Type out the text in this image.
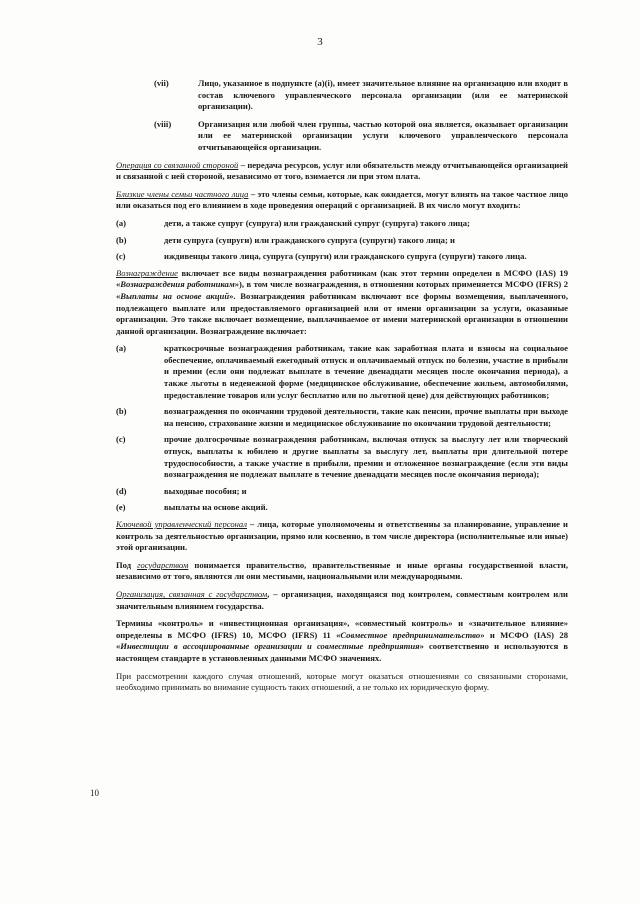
3
(vii)	Лицо, указанное в подпункте (а)(i), имеет значительное влияние на организацию или входит в состав ключевого управленческого персонала организации (или ее материнской организации).
(viii)	Организация или любой член группы, частью которой она является, оказывает организации или ее материнской организации услуги ключевого управленческого персонала отчитывающейся организации.

Операция со связанной стороной – передача ресурсов, услуг или обязательств между отчитывающейся организацией и связанной с ней стороной, независимо от того, взимается ли при этом плата.

Близкие члены семьи частного лица – это члены семьи, которые, как ожидается, могут влиять на такое частное лицо или оказаться под его влиянием в ходе проведения операций с организацией. В их число могут входить:

(a)	дети, а также супруг (супруга) или гражданский супруг (супруга) такого лица;
(b)	дети супруга (супруги) или гражданского супруга (супруги) такого лица; и
(c)	иждивенцы такого лица, супруга (супруги) или гражданского супруга (супруги) такого лица.

Вознаграждение включает все виды вознаграждения работникам (как этот термин определен в МСФО (IAS) 19 «Вознаграждения работникам»), в том числе вознаграждения, в отношении которых применяется МСФО (IFRS) 2 «Выплаты на основе акций». Вознаграждения работникам включают все формы возмещения, выплаченного, подлежащего выплате или предоставляемого организацией или от имени организации за услуги, оказанные организации. Это также включает возмещение, выплачиваемое от имени материнской организации в отношении данной организации. Вознаграждение включает:

(a)	краткосрочные вознаграждения работникам, такие как заработная плата и взносы на социальное обеспечение, оплачиваемый ежегодный отпуск и оплачиваемый отпуск по болезни, участие в прибыли и премии (если они подлежат выплате в течение двенадцати месяцев после окончания периода), а также льготы в неденежной форме (медицинское обслуживание, обеспечение жильем, автомобилями, предоставление товаров или услуг бесплатно или по льготной цене) для действующих работников;
(b)	вознаграждения по окончании трудовой деятельности, такие как пенсии, прочие выплаты при выходе на пенсию, страхование жизни и медицинское обслуживание по окончании трудовой деятельности;
(c)	прочие долгосрочные вознаграждения работникам, включая отпуск за выслугу лет или творческий отпуск, выплаты к юбилею и другие выплаты за выслугу лет, выплаты при длительной потере трудоспособности, а также участие в прибыли, премии и отложенное вознаграждение (если эти виды вознаграждения не подлежат выплате в течение двенадцати месяцев после окончания периода);
(d)	выходные пособия; и
(e)	выплаты на основе акций.

Ключевой управленческий персонал – лица, которые уполномочены и ответственны за планирование, управление и контроль за деятельностью организации, прямо или косвенно, в том числе директора (исполнительные или иные) этой организации.

Под государством понимается правительство, правительственные и иные органы государственной власти, независимо от того, являются ли они местными, национальными или международными.

Организация, связанная с государством, – организация, находящаяся под контролем, совместным контролем или значительным влиянием государства.

Термины «контроль» и «инвестиционная организация», «совместный контроль» и «значительное влияние» определены в МСФО (IFRS) 10, МСФО (IFRS) 11 «Совместное предпринимательство» и МСФО (IAS) 28 «Инвестиции в ассоциированные организации и совместные предприятия» соответственно и используются в настоящем стандарте в установленных данными МСФО значениях.

При рассмотрении каждого случая отношений, которые могут оказаться отношениями со связанными сторонами, необходимо принимать во внимание сущность таких отношений, а не только их юридическую форму.

10
